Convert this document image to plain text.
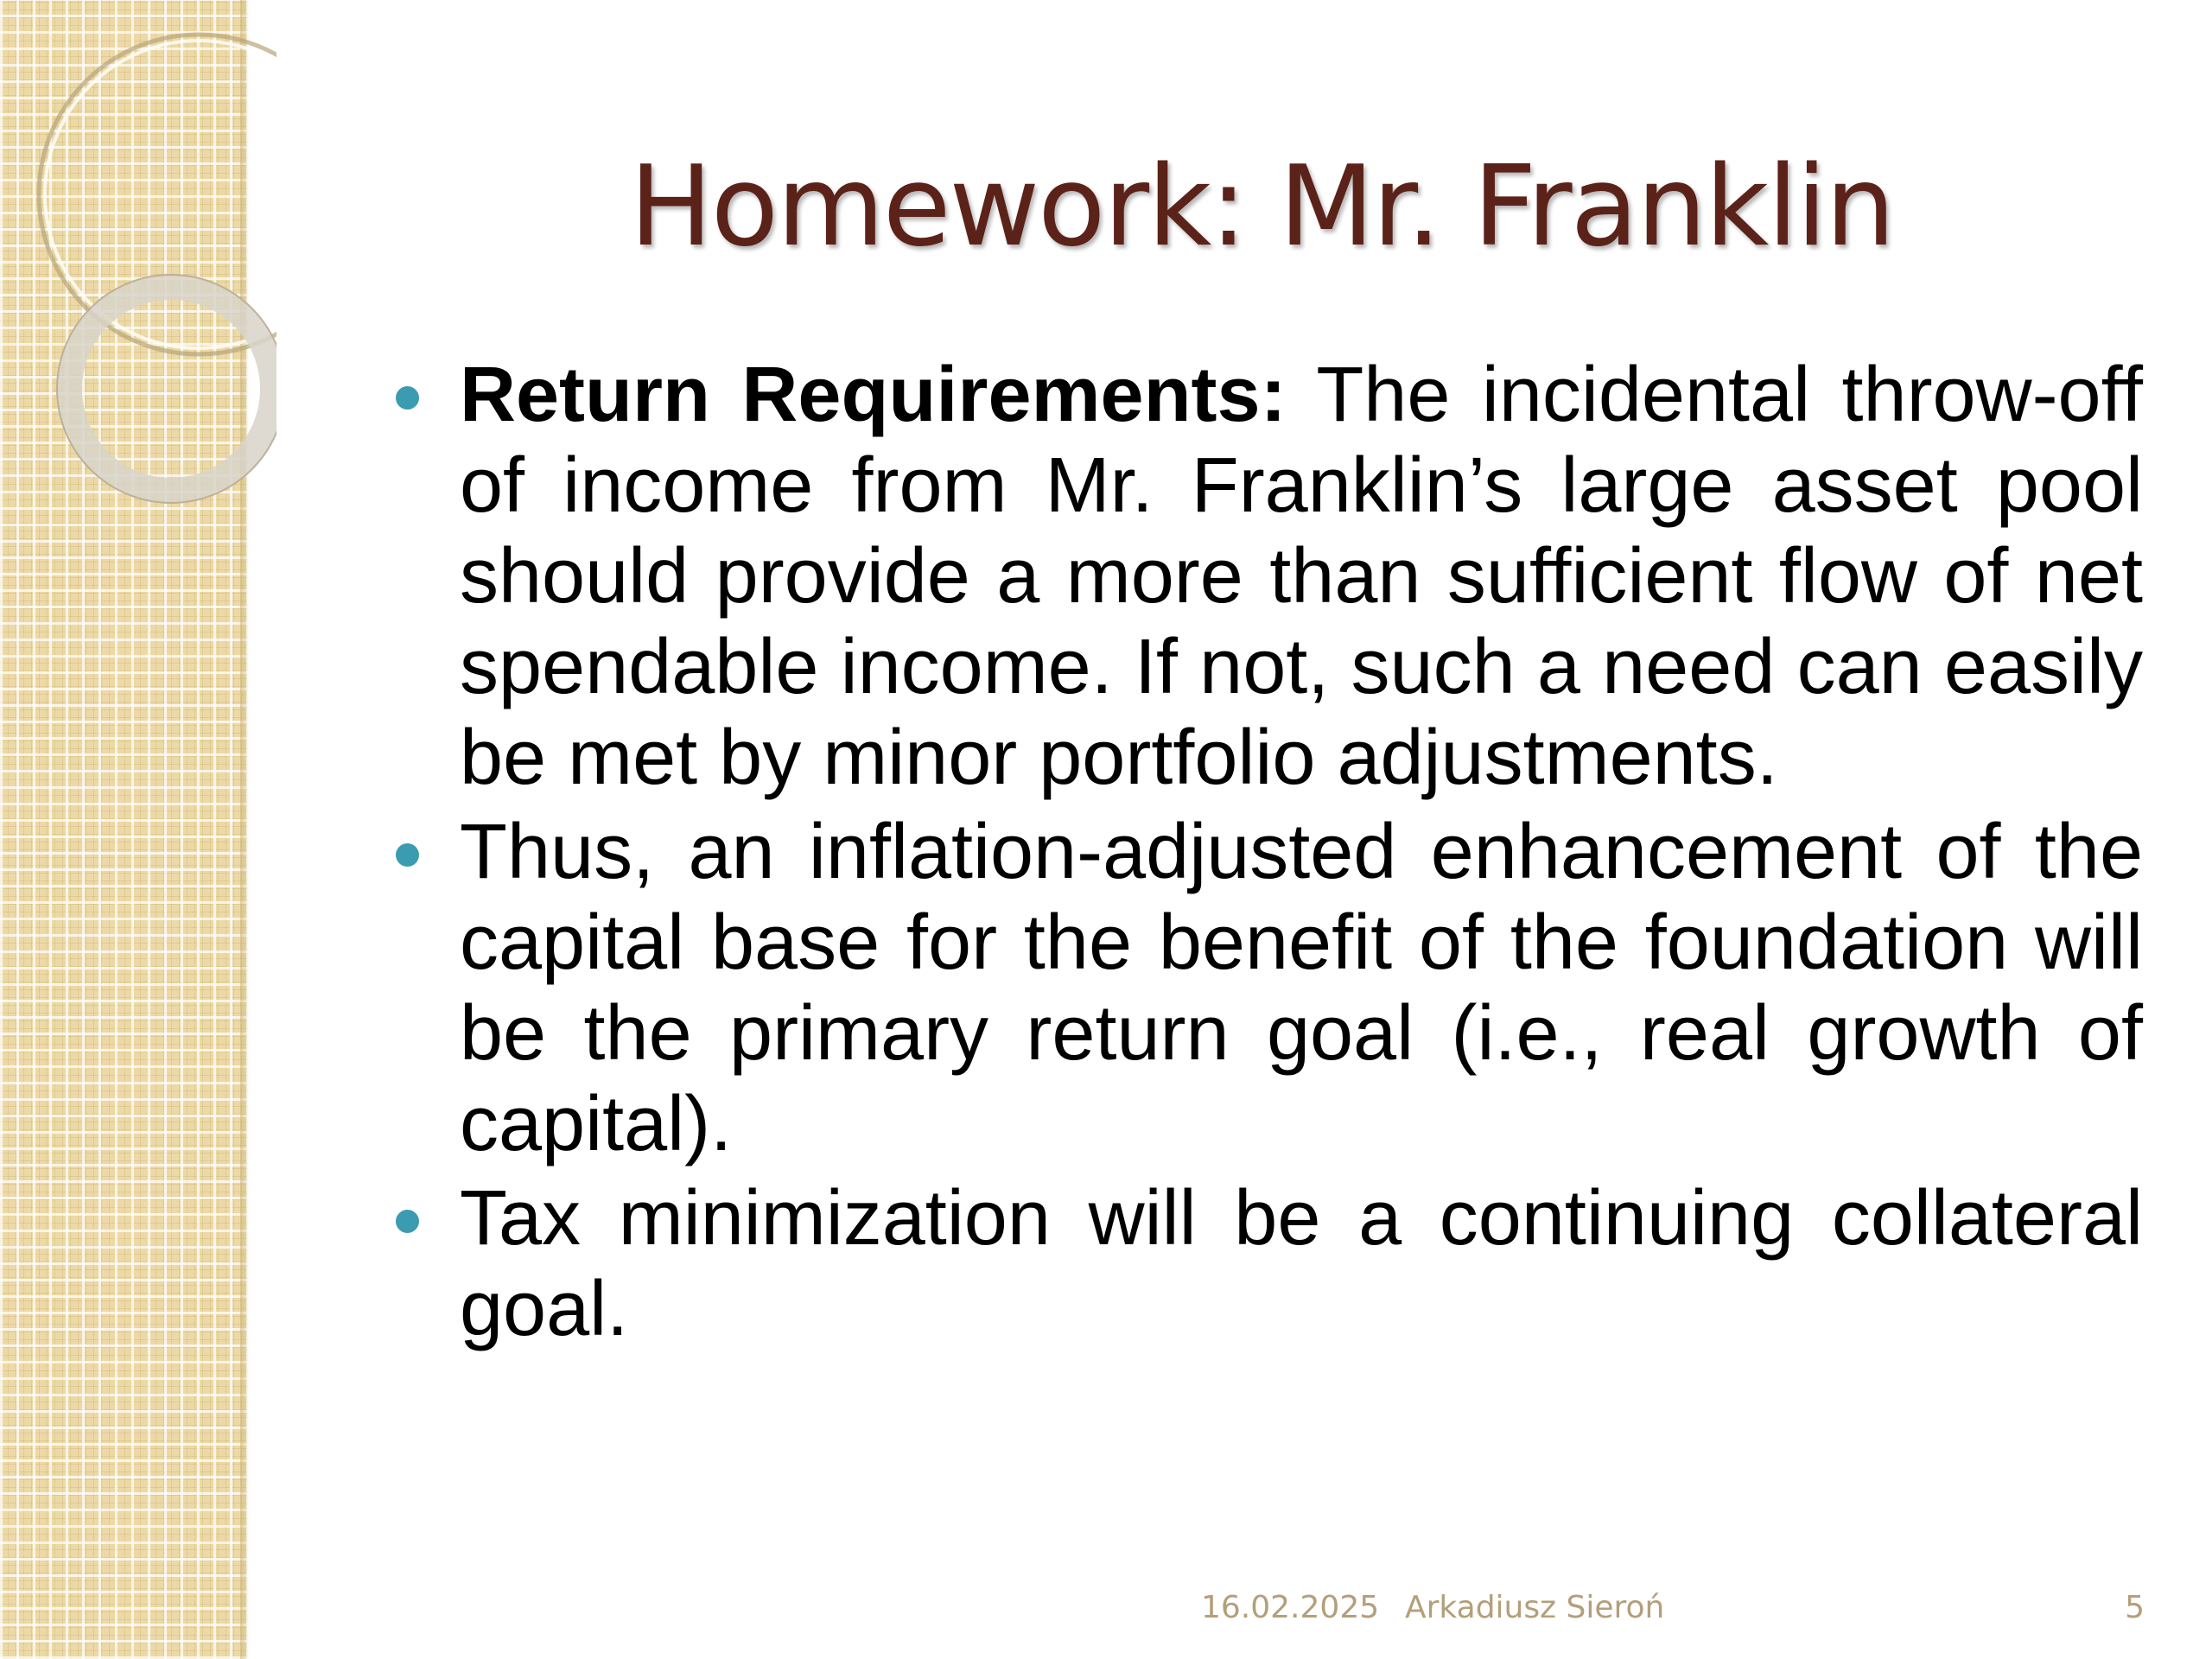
Homework: Mr. Franklin
Return Requirements: The incidental throw-off of income from Mr. Franklin’s large asset pool should provide a more than sufficient flow of net spendable income. If not, such a need can easily be met by minor portfolio adjustments.
Thus, an inflation-adjusted enhancement of the capital base for the benefit of the foundation will be the primary return goal (i.e., real growth of capital).
Tax minimization will be a continuing collateral goal.
16.02.2025 Arkadiusz Sieroń	5
